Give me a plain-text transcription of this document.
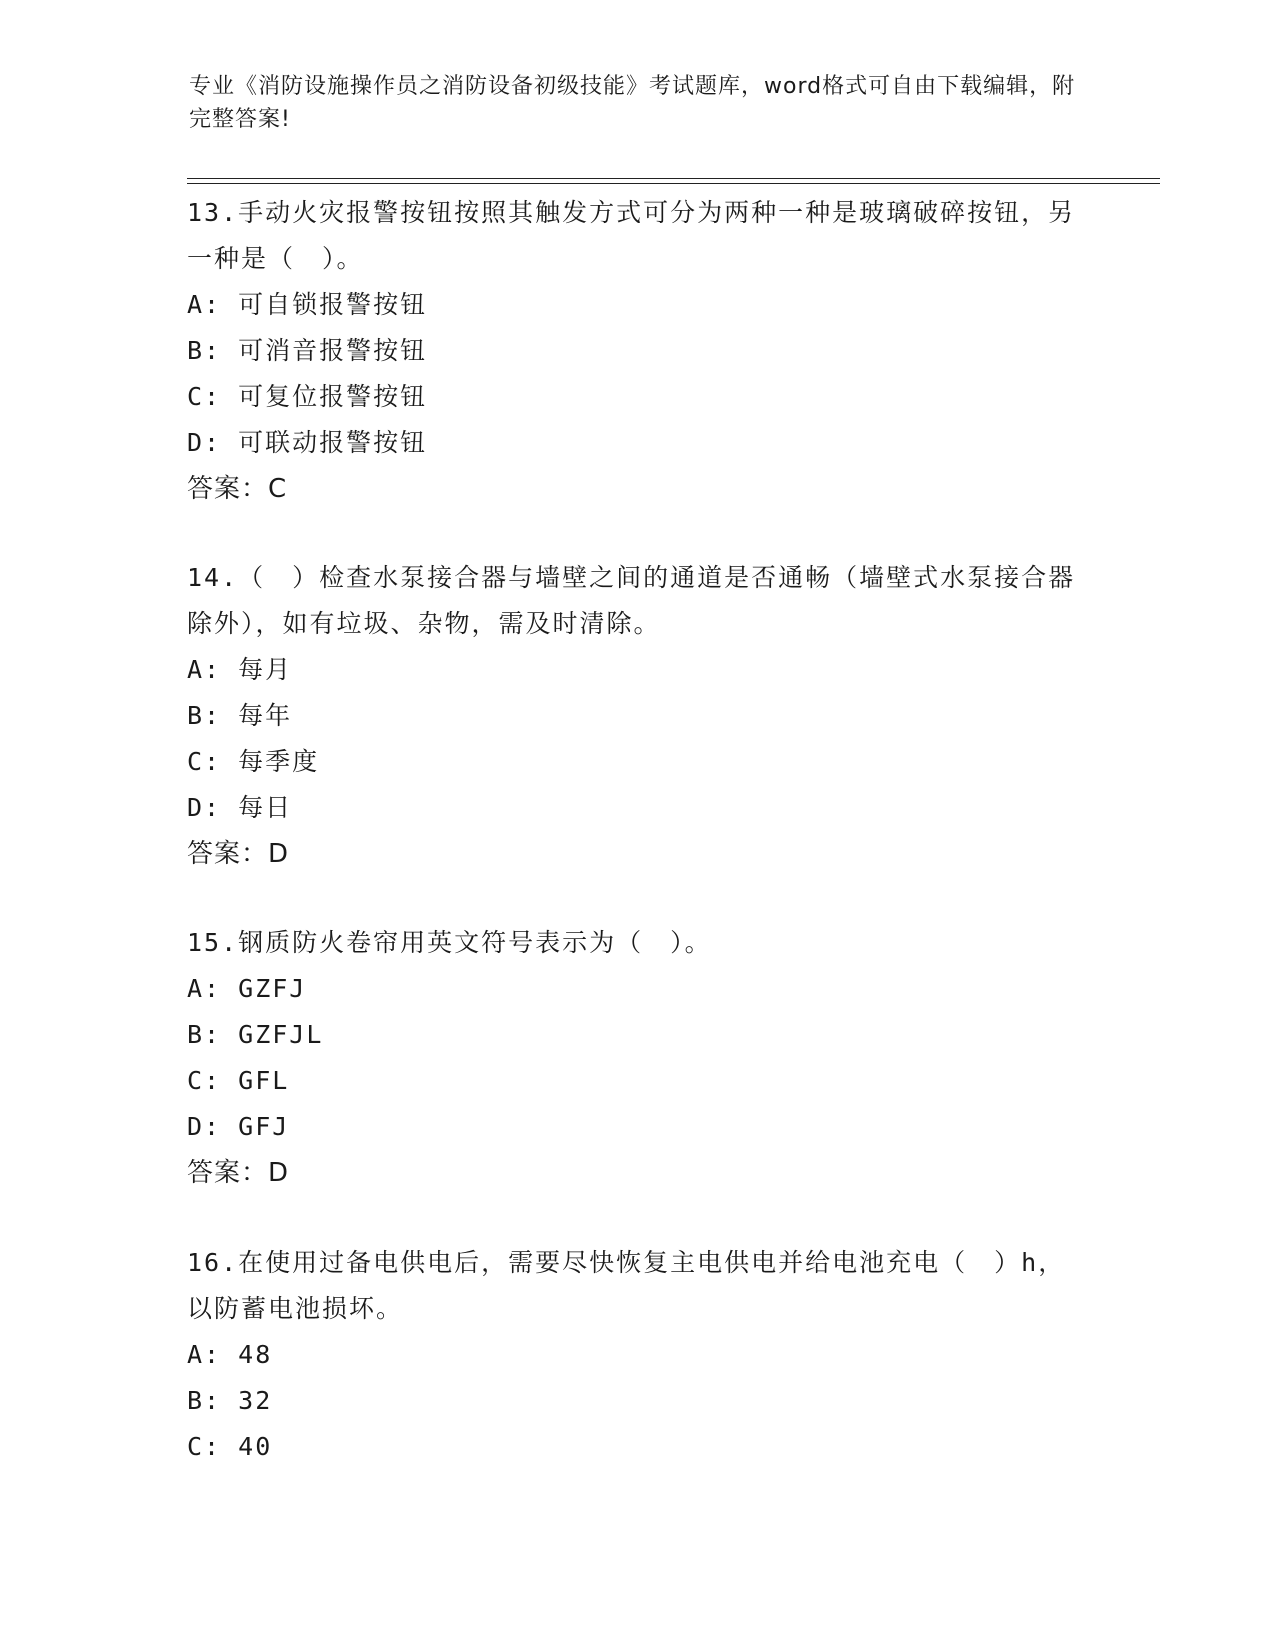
专业《消防设施操作员之消防设备初级技能》考试题库，word格式可自由下载编辑，附完整答案!

13.手动火灾报警按钮按照其触发方式可分为两种一种是玻璃破碎按钮，另一种是（　）。

A: 可自锁报警按钮

B: 可消音报警按钮

C: 可复位报警按钮

D: 可联动报警按钮

答案：C

14.（　）检查水泵接合器与墙壁之间的通道是否通畅（墙壁式水泵接合器除外），如有垃圾、杂物，需及时清除。

A: 每月

B: 每年

C: 每季度

D: 每日

答案：D

15.钢质防火卷帘用英文符号表示为（　）。

A: GZFJ

B: GZFJL

C: GFL

D: GFJ

答案：D

16.在使用过备电供电后，需要尽快恢复主电供电并给电池充电（　）h，以防蓄电池损坏。

A: 48

B: 32

C: 40
